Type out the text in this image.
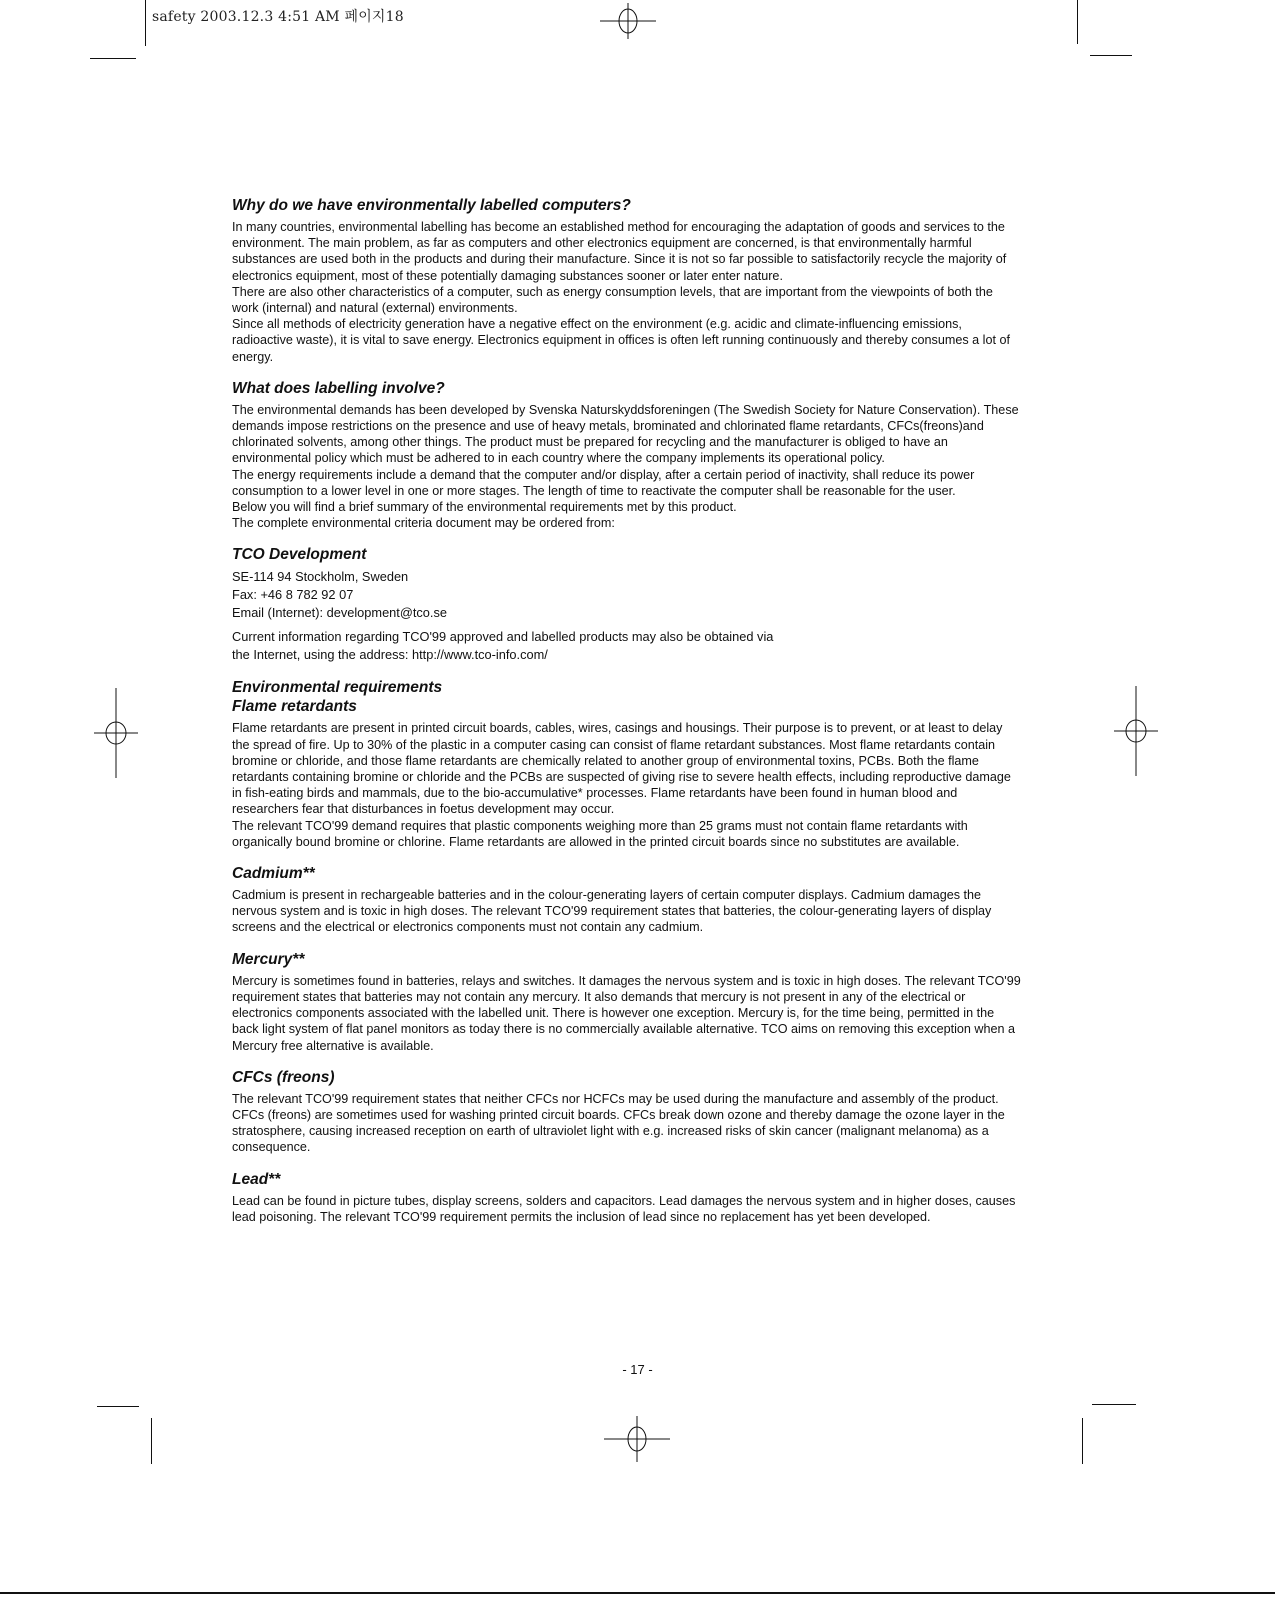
safety 2003.12.3 4:51 AM 페이지18
Why do we have environmentally labelled computers?

In many countries, environmental labelling has become an established method for encouraging the adaptation of goods and services to the environment. The main problem, as far as computers and other electronics equipment are concerned, is that environmentally harmful substances are used both in the products and during their manufacture. Since it is not so far possible to satisfactorily recycle the majority of electronics equipment, most of these potentially damaging substances sooner or later enter nature.

There are also other characteristics of a computer, such as energy consumption levels, that are important from the viewpoints of both the work (internal) and natural (external) environments.

Since all methods of electricity generation have a negative effect on the environment (e.g. acidic and climate-influencing emissions, radioactive waste), it is vital to save energy. Electronics equipment in offices is often left running continuously and thereby consumes a lot of energy.

What does labelling involve?

The environmental demands has been developed by Svenska Naturskyddsforeningen (The Swedish Society for Nature Conservation). These demands impose restrictions on the presence and use of heavy metals, brominated and chlorinated flame retardants, CFCs(freons)and chlorinated solvents, among other things. The product must be prepared for recycling and the manufacturer is obliged to have an environmental policy which must be adhered to in each country where the company implements its operational policy.

The energy requirements include a demand that the computer and/or display, after a certain period of inactivity, shall reduce its power consumption to a lower level in one or more stages. The length of time to reactivate the computer shall be reasonable for the user.

Below you will find a brief summary of the environmental requirements met by this product.

The complete environmental criteria document may be ordered from:

TCO Development

SE-114 94 Stockholm, Sweden

Fax: +46 8 782 92 07

Email (Internet): development@tco.se

Current information regarding TCO'99 approved and labelled products may also be obtained via

the Internet, using the address: http://www.tco-info.com/

Environmental requirements
Flame retardants

Flame retardants are present in printed circuit boards, cables, wires, casings and housings. Their purpose is to prevent, or at least to delay the spread of fire. Up to 30% of the plastic in a computer casing can consist of flame retardant substances. Most flame retardants contain bromine or chloride, and those flame retardants are chemically related to another group of environmental toxins, PCBs. Both the flame retardants containing bromine or chloride and the PCBs are suspected of giving rise to severe health effects, including reproductive damage in fish-eating birds and mammals, due to the bio-accumulative* processes. Flame retardants have been found in human blood and researchers fear that disturbances in foetus development may occur.

The relevant TCO'99 demand requires that plastic components weighing more than 25 grams must not contain flame retardants with organically bound bromine or chlorine. Flame retardants are allowed in the printed circuit boards since no substitutes are available.

Cadmium**

Cadmium is present in rechargeable batteries and in the colour-generating layers of certain computer displays. Cadmium damages the nervous system and is toxic in high doses. The relevant TCO'99 requirement states that batteries, the colour-generating layers of display screens and the electrical or electronics components must not contain any cadmium.

Mercury**

Mercury is sometimes found in batteries, relays and switches. It damages the nervous system and is toxic in high doses. The relevant TCO'99 requirement states that batteries may not contain any mercury. It also demands that mercury is not present in any of the electrical or electronics components associated with the labelled unit. There is however one exception. Mercury is, for the time being, permitted in the back light system of flat panel monitors as today there is no commercially available alternative. TCO aims on removing this exception when a Mercury free alternative is available.

CFCs (freons)

The relevant TCO'99 requirement states that neither CFCs nor HCFCs may be used during the manufacture and assembly of the product. CFCs (freons) are sometimes used for washing printed circuit boards. CFCs break down ozone and thereby damage the ozone layer in the stratosphere, causing increased reception on earth of ultraviolet light with e.g. increased risks of skin cancer (malignant melanoma) as a consequence.

Lead**

Lead can be found in picture tubes, display screens, solders and capacitors. Lead damages the nervous system and in higher doses, causes lead poisoning. The relevant TCO'99 requirement permits the inclusion of lead since no replacement has yet been developed.

- 17 -
